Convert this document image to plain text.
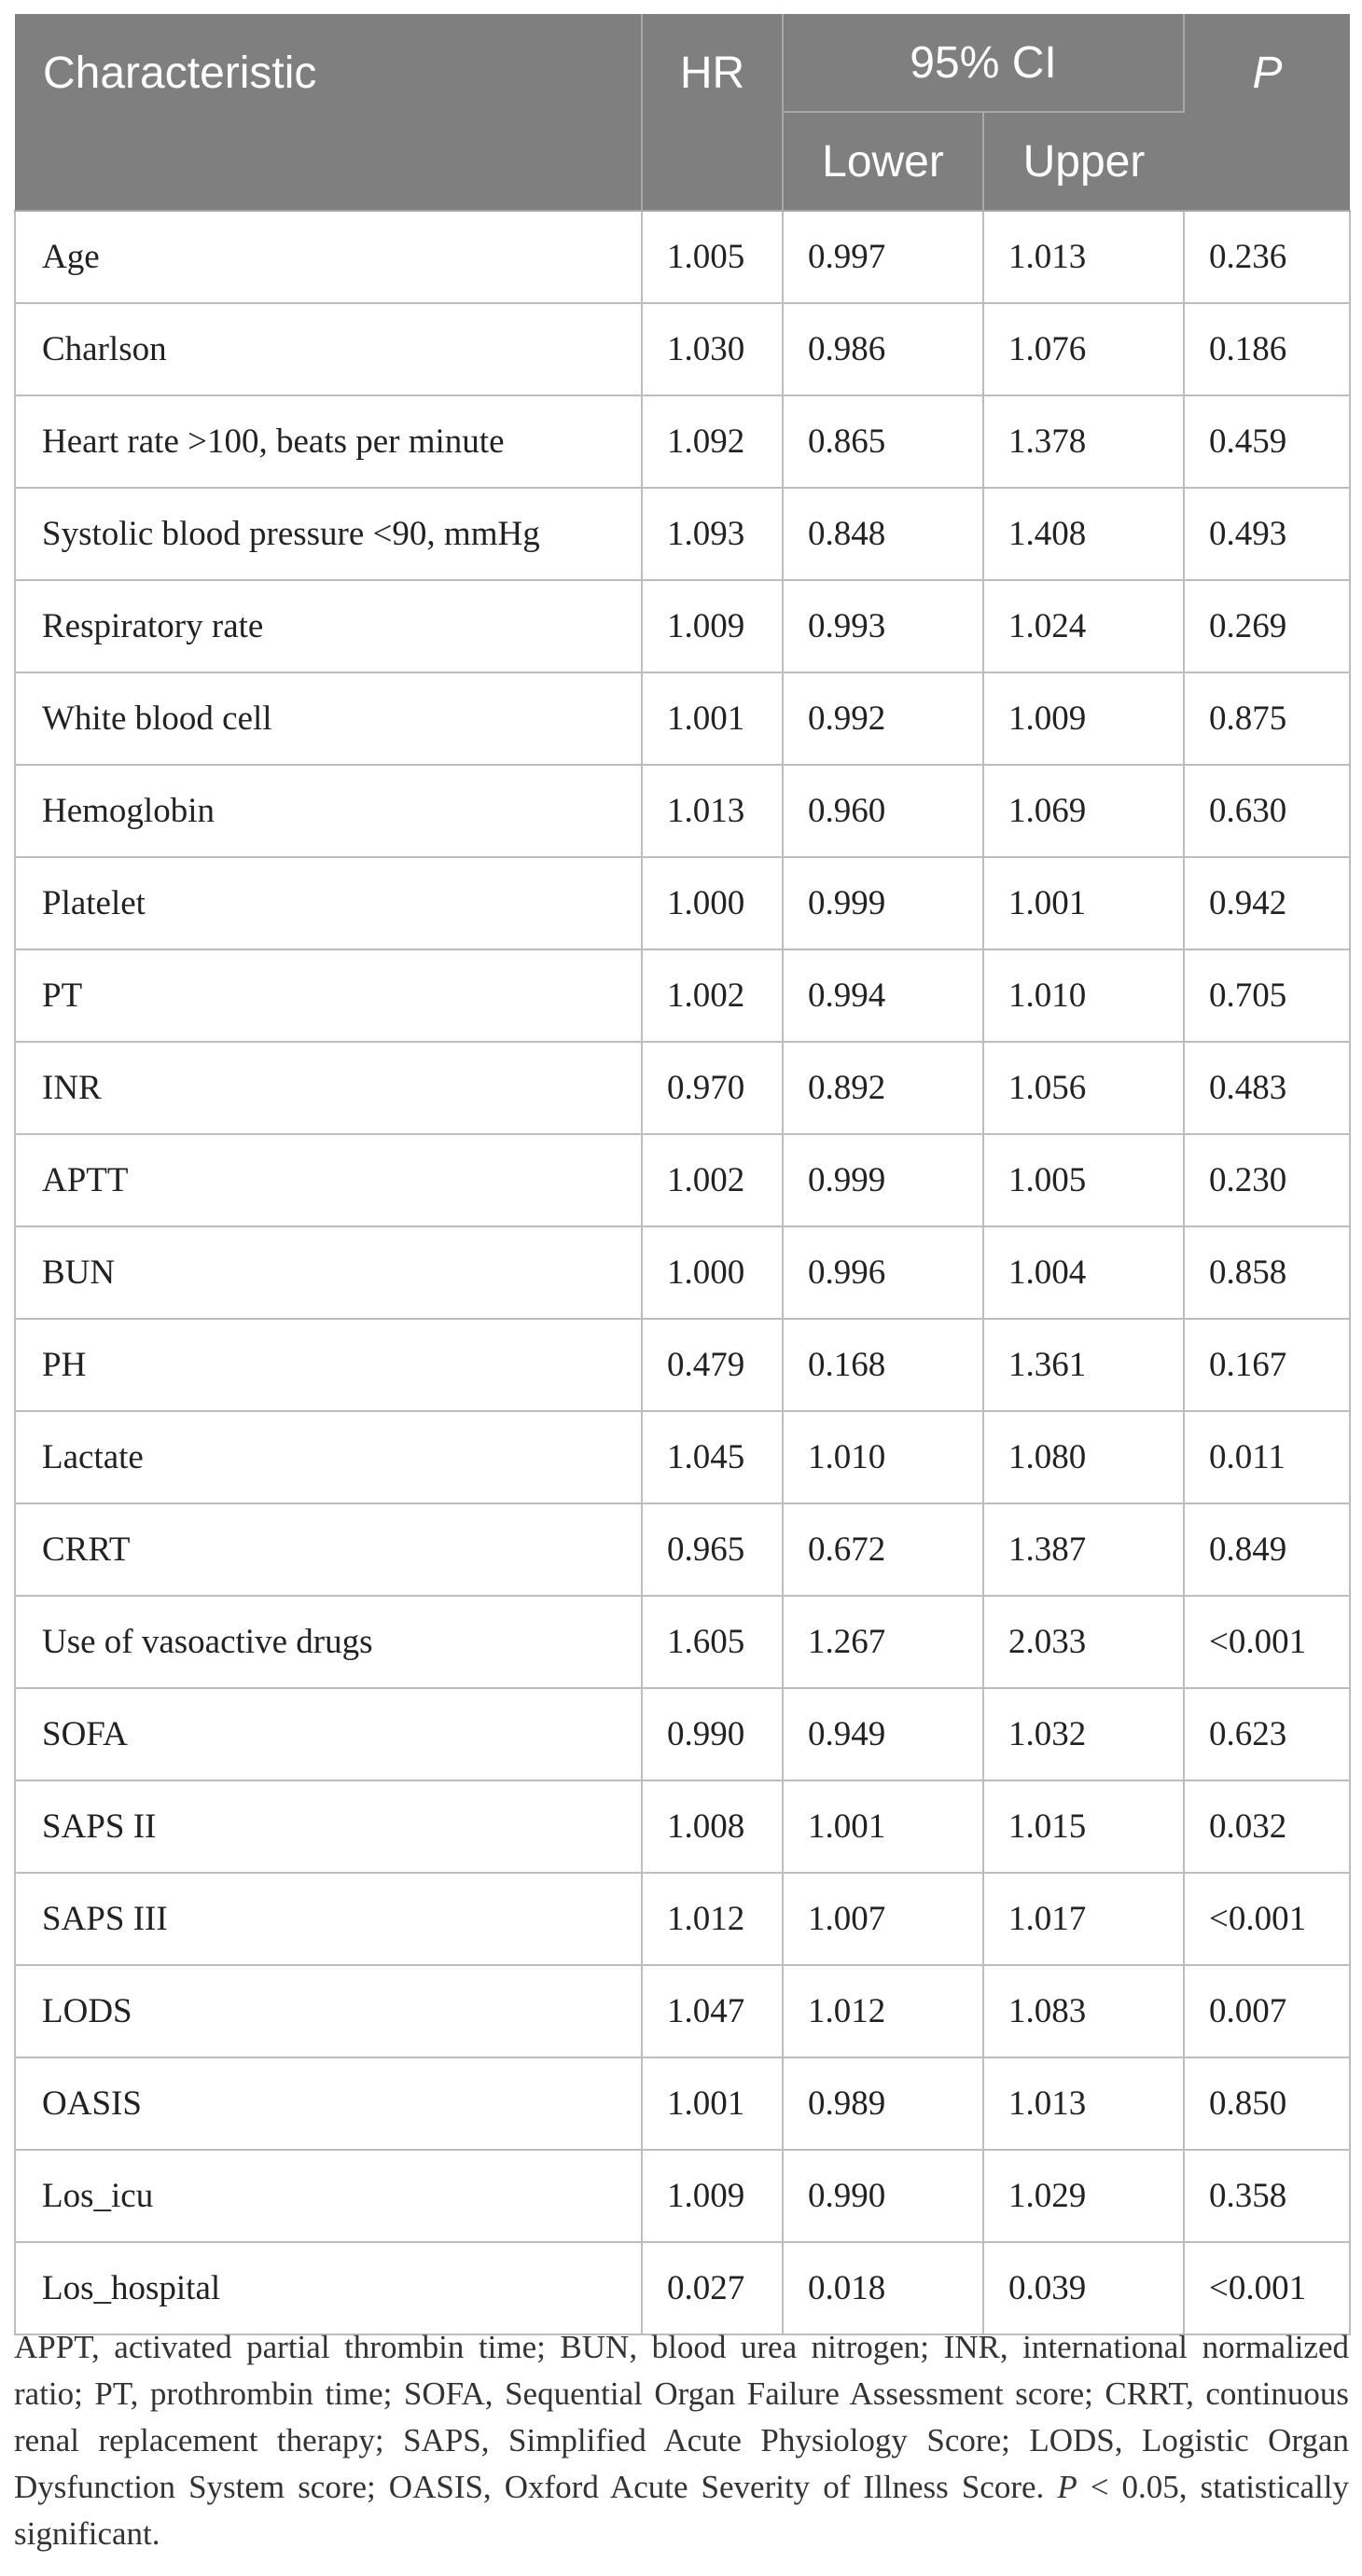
Characteristic	HR	95% CI		P
		Lower	Upper	
Age	1.005	0.997	1.013	0.236
Charlson	1.030	0.986	1.076	0.186
Heart rate >100, beats per minute	1.092	0.865	1.378	0.459
Systolic blood pressure <90, mmHg	1.093	0.848	1.408	0.493
Respiratory rate	1.009	0.993	1.024	0.269
White blood cell	1.001	0.992	1.009	0.875
Hemoglobin	1.013	0.960	1.069	0.630
Platelet	1.000	0.999	1.001	0.942
PT	1.002	0.994	1.010	0.705
INR	0.970	0.892	1.056	0.483
APTT	1.002	0.999	1.005	0.230
BUN	1.000	0.996	1.004	0.858
PH	0.479	0.168	1.361	0.167
Lactate	1.045	1.010	1.080	0.011
CRRT	0.965	0.672	1.387	0.849
Use of vasoactive drugs	1.605	1.267	2.033	<0.001
SOFA	0.990	0.949	1.032	0.623
SAPS II	1.008	1.001	1.015	0.032
SAPS III	1.012	1.007	1.017	<0.001
LODS	1.047	1.012	1.083	0.007
OASIS	1.001	0.989	1.013	0.850
Los_icu	1.009	0.990	1.029	0.358
Los_hospital	0.027	0.018	0.039	<0.001
APPT, activated partial thrombin time; BUN, blood urea nitrogen; INR, international normalized ratio; PT, prothrombin time; SOFA, Sequential Organ Failure Assessment score; CRRT, continuous renal replacement therapy; SAPS, Simplified Acute Physiology Score; LODS, Logistic Organ Dysfunction System score; OASIS, Oxford Acute Severity of Illness Score. P < 0.05, statistically significant.
